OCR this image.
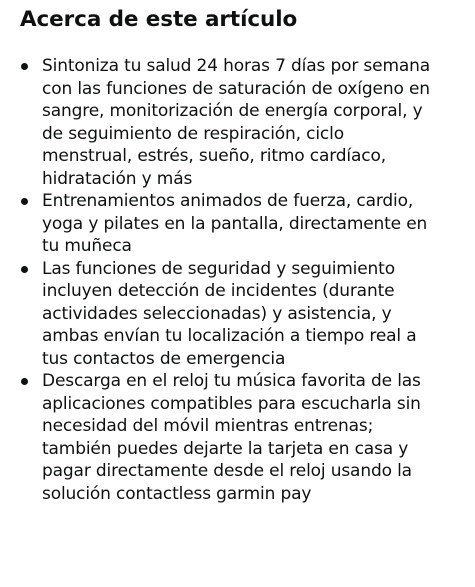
Acerca de este artículo
Sintoniza tu salud 24 horas 7 días por semana
con las funciones de saturación de oxígeno en
sangre, monitorización de energía corporal, y
de seguimiento de respiración, ciclo
menstrual, estrés, sueño, ritmo cardíaco,
hidratación y más
Entrenamientos animados de fuerza, cardio,
yoga y pilates en la pantalla, directamente en
tu muñeca
Las funciones de seguridad y seguimiento
incluyen detección de incidentes (durante
actividades seleccionadas) y asistencia, y
ambas envían tu localización a tiempo real a
tus contactos de emergencia
Descarga en el reloj tu música favorita de las
aplicaciones compatibles para escucharla sin
necesidad del móvil mientras entrenas;
también puedes dejarte la tarjeta en casa y
pagar directamente desde el reloj usando la
solución contactless garmin pay
